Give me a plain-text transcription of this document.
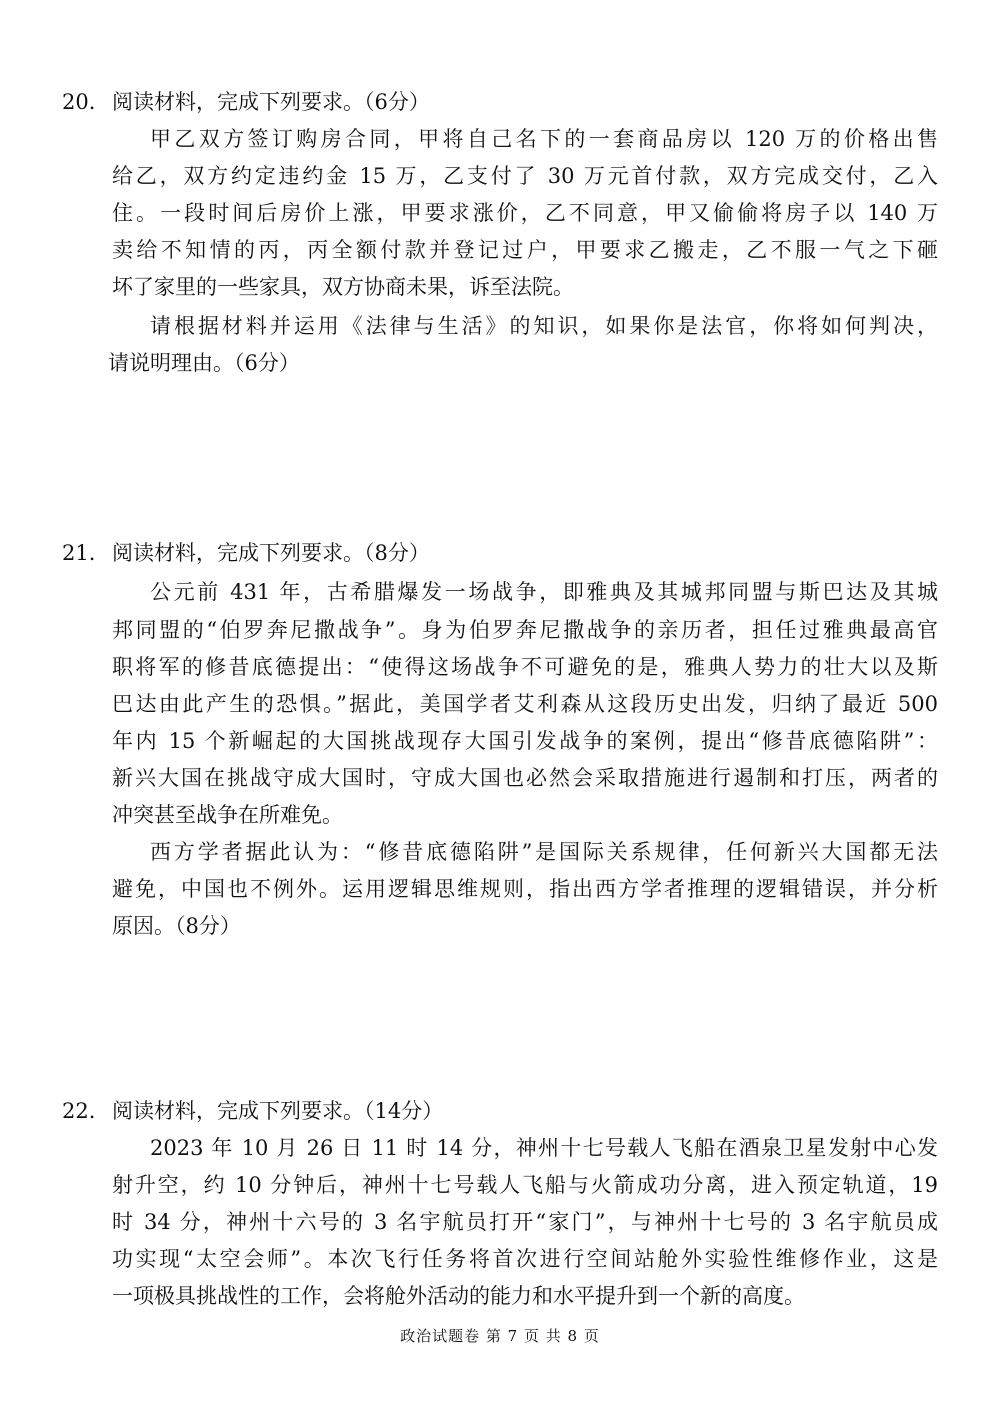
20. 阅读材料，完成下列要求。（6分）
甲乙双方签订购房合同，甲将自己名下的一套商品房以 120 万的价格出售
给乙，双方约定违约金 15 万，乙支付了 30 万元首付款，双方完成交付，乙入
住。一段时间后房价上涨，甲要求涨价，乙不同意，甲又偷偷将房子以 140 万
卖给不知情的丙，丙全额付款并登记过户，甲要求乙搬走，乙不服一气之下砸
坏了家里的一些家具，双方协商未果，诉至法院。
请根据材料并运用《法律与生活》的知识，如果你是法官，你将如何判决，
请说明理由。（6分）
21. 阅读材料，完成下列要求。（8分）
公元前 431 年，古希腊爆发一场战争，即雅典及其城邦同盟与斯巴达及其城
邦同盟的“伯罗奔尼撒战争”。身为伯罗奔尼撒战争的亲历者，担任过雅典最高官
职将军的修昔底德提出：“使得这场战争不可避免的是，雅典人势力的壮大以及斯
巴达由此产生的恐惧。”据此，美国学者艾利森从这段历史出发，归纳了最近 500
年内 15 个新崛起的大国挑战现存大国引发战争的案例，提出“修昔底德陷阱”：
新兴大国在挑战守成大国时，守成大国也必然会采取措施进行遏制和打压，两者的
冲突甚至战争在所难免。
西方学者据此认为：“修昔底德陷阱”是国际关系规律，任何新兴大国都无法
避免，中国也不例外。运用逻辑思维规则，指出西方学者推理的逻辑错误，并分析
原因。（8分）
22. 阅读材料，完成下列要求。（14分）
2023 年 10 月 26 日 11 时 14 分，神州十七号载人飞船在酒泉卫星发射中心发
射升空，约 10 分钟后，神州十七号载人飞船与火箭成功分离，进入预定轨道，19
时 34 分，神州十六号的 3 名宇航员打开“家门”，与神州十七号的 3 名宇航员成
功实现“太空会师”。本次飞行任务将首次进行空间站舱外实验性维修作业，这是
一项极具挑战性的工作，会将舱外活动的能力和水平提升到一个新的高度。
政治试题卷 第 7 页 共 8 页
